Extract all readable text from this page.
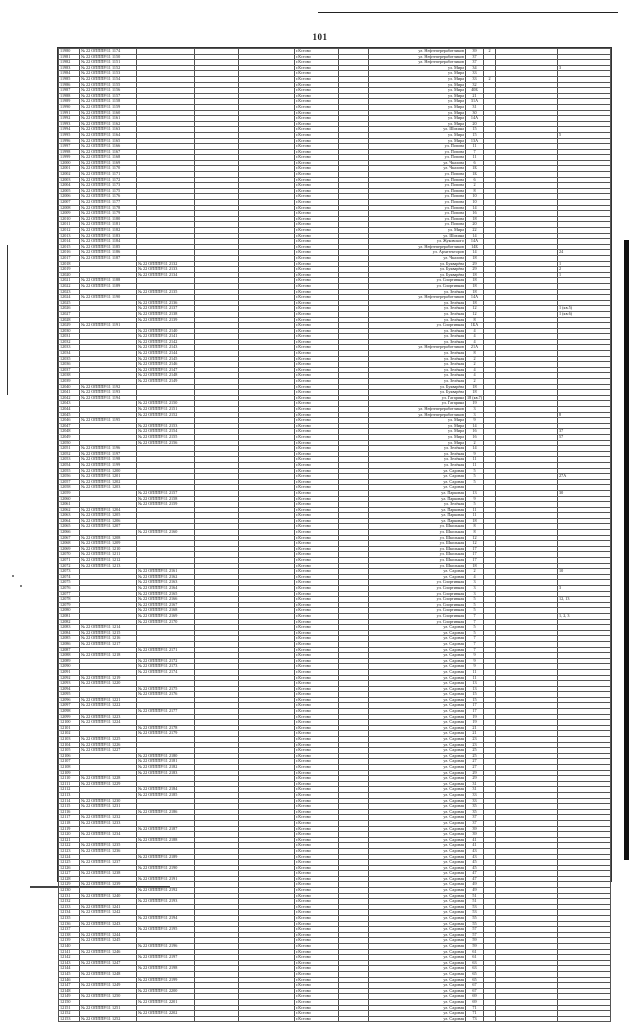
101
11980	№ 22 ОПППР/11 1174				г.Кстово		ул. Нефтепереработчиков	39	2		
11981	№ 22 ОПППР/11 1150				г.Кстово		ул. Нефтепереработчиков	37			
11982	№ 22 ОПППР/11 1151				г.Кстово		ул. Нефтепереработчиков	37			
11983	№ 22 ОПППР/11 1152				г.Кстово		ул. Мира	34			3
11984	№ 22 ОПППР/11 1153				г.Кстово		ул. Мира	33			
11985	№ 22 ОПППР/11 1154				г.Кстово		ул. Мира	33	2		
11986	№ 22 ОПППР/11 1155				г.Кстово		ул. Мира	32			
11987	№ 22 ОПППР/11 1156				г.Кстово		ул. Мира	40Б			
11988	№ 22 ОПППР/11 1157				г.Кстово		ул. Мира	21			
11989	№ 22 ОПППР/11 1158				г.Кстово		ул. Мира	31А			
11990	№ 22 ОПППР/11 1159				г.Кстово		ул. Мира	31			
11991	№ 22 ОПППР/11 1160				г.Кстово		ул. Мира	30			
11992	№ 22 ОПППР/11 1161				г.Кстово		ул. Мира	14А			
11993	№ 22 ОПППР/11 1162				г.Кстово		ул. Мира	20			
11994	№ 22 ОПППР/11 1163				г.Кстово		ул. Шохина	15			
11995	№ 22 ОПППР/11 1164				г.Кстово		ул. Мира	15			5
11996	№ 22 ОПППР/11 1165				г.Кстово		ул. Мира	13А			
11997	№ 22 ОПППР/11 1166				г.Кстово		ул. Попова	11			
11998	№ 22 ОПППР/11 1167				г.Кстово		ул. Попова	7			
11999	№ 22 ОПППР/11 1168				г.Кстово		ул. Попова	11			
12000	№ 22 ОПППР/11 1169				г.Кстово		ул. Чкалова	6			
12001	№ 22 ОПППР/11 1170				г.Кстово		ул. Чкалова	1Б			
12002	№ 22 ОПППР/11 1171				г.Кстово		ул. Попова	1Б			
12003	№ 22 ОПППР/11 1172				г.Кстово		ул. Попова	6			
12004	№ 22 ОПППР/11 1173				г.Кстово		ул. Попова	2			
12005	№ 22 ОПППР/11 1175				г.Кстово		ул. Попова	8			
12006	№ 22 ОПППР/11 1176				г.Кстово		ул. Попова	10			
12007	№ 22 ОПППР/11 1177				г.Кстово		ул. Попова	10			
12008	№ 22 ОПППР/11 1178				г.Кстово		ул. Попова	14			
12009	№ 22 ОПППР/11 1179				г.Кстово		ул. Попова	16			
12010	№ 22 ОПППР/11 1180				г.Кстово		ул. Попова	18			
12011	№ 22 ОПППР/11 1181				г.Кстово		ул. Попова	20			
12012	№ 22 ОПППР/11 1182				г.Кстово		ул. Мира	22			
12013	№ 22 ОПППР/11 1183				г.Кстово		ул. Шохина	14			
12014	№ 22 ОПППР/11 1184				г.Кстово		ул. Жуковского	14А			
12015	№ 22 ОПППР/11 1185				г.Кстово		ул. Нефтепереработчиков	14Б			
12016	№ 22 ОПППР/11 1186				г.Кстово		ул. Архитекторов	14			24
12017	№ 22 ОПППР/11 1187				г.Кстово		ул. Чкалова	18			
12018		№ 22 ОПППР/11 2132			г.Кстово		ул. Букварёва	29			1
12019		№ 22 ОПППР/11 2133			г.Кстово		ул. Букварёва	29			2
12020		№ 22 ОПППР/11 2134			г.Кстово		ул. Букварёва	18			1
12021	№ 22 ОПППР/11 1188				г.Кстово		ул. Спортивная	18			
12022	№ 22 ОПППР/11 1189				г.Кстово		ул. Спортивная	18			
12023		№ 22 ОПППР/11 2135			г.Кстово		ул. Зелёная	18			
12024	№ 22 ОПППР/11 1190				г.Кстово		ул. Нефтепереработчиков	14А			
12025		№ 22 ОПППР/11 2136			г.Кстово		ул. Зелёная	18			
12026		№ 22 ОПППР/11 2137			г.Кстово		ул. Зелёная	12			1 (кв.5)
12027		№ 22 ОПППР/11 2138			г.Кстово		ул. Зелёная	12			1 (кв.6)
12028		№ 22 ОПППР/11 2139			г.Кстово		ул. Зелёная	8			
12029	№ 22 ОПППР/11 1191				г.Кстово		ул. Спортивная	1БА			
12030		№ 22 ОПППР/11 2140			г.Кстово		ул. Зелёная	4			
12031		№ 22 ОПППР/11 2141			г.Кстово		ул. Зелёная	4			
12032		№ 22 ОПППР/11 2142			г.Кстово		ул. Зелёная	4			
12033		№ 22 ОПППР/11 2143			г.Кстово		ул. Нефтепереработчиков	21А			
12034		№ 22 ОПППР/11 2144			г.Кстово		ул. Зелёная	8			
12035		№ 22 ОПППР/11 2145			г.Кстово		ул. Зелёная	2			
12036		№ 22 ОПППР/11 2146			г.Кстово		ул. Зелёная	2			
12037		№ 22 ОПППР/11 2147			г.Кстово		ул. Зелёная	4			
12038		№ 22 ОПППР/11 2148			г.Кстово		ул. Зелёная	4			
12039		№ 22 ОПППР/11 2149			г.Кстово		ул. Зелёная	2			
12040	№ 22 ОПППР/11 1192				г.Кстово		ул. Букварёва	18			
12041	№ 22 ОПППР/11 1193				г.Кстово		ул. Букварёва	18			
12042	№ 22 ОПППР/11 1194				г.Кстово		ул. Гагарина	18 (кв.7)			
12043		№ 22 ОПППР/11 2150			г.Кстово		ул. Гагарина	19			
12044		№ 22 ОПППР/11 2151			г.Кстово		ул. Нефтепереработчиков	3			
12045		№ 22 ОПППР/11 2152			г.Кстово		ул. Нефтепереработчиков	3			8
12046	№ 22 ОПППР/11 1195				г.Кстово		ул. Мира	9			
12047		№ 22 ОПППР/11 2153			г.Кстово		ул. Мира	14			
12048		№ 22 ОПППР/11 2154			г.Кстово		ул. Мира	16			37
12049		№ 22 ОПППР/11 2155			г.Кстово		ул. Мира	16			57
12050		№ 22 ОПППР/11 2156			г.Кстово		ул. Мира	2			
12051	№ 22 ОПППР/11 1196				г.Кстово		ул. Зелёная	14			
12052	№ 22 ОПППР/11 1197				г.Кстово		ул. Зелёная	9			
12053	№ 22 ОПППР/11 1198				г.Кстово		ул. Зелёная	11			
12054	№ 22 ОПППР/11 1199				г.Кстово		ул. Зелёная	11			
12055	№ 22 ОПППР/11 1200				г.Кстово		ул. Садовая	5			
12056	№ 22 ОПППР/11 1201				г.Кстово		ул. Садовая	5			27А
12057	№ 22 ОПППР/11 1202				г.Кстово		ул. Садовая	5			
12058	№ 22 ОПППР/11 1203				г.Кстово		ул. Садовая				
12059		№ 22 ОПППР/11 2157			г.Кстово		ул. Парковая	13			30
12060		№ 22 ОПППР/11 2158			г.Кстово		ул. Парковая	9			
12061		№ 22 ОПППР/11 2159			г.Кстово		ул. Зелёная	5			
12062	№ 22 ОПППР/11 1204				г.Кстово		ул. Парковая	11			
12063	№ 22 ОПППР/11 1205				г.Кстово		ул. Парковая	11			
12064	№ 22 ОПППР/11 1206				г.Кстово		ул. Парковая	18			
12065	№ 22 ОПППР/11 1207				г.Кстово		ул. Школьная	8			
12066		№ 22 ОПППР/11 2160			г.Кстово		ул. Школьная	8			
12067	№ 22 ОПППР/11 1208				г.Кстово		ул. Школьная	12			
12068	№ 22 ОПППР/11 1209				г.Кстово		ул. Школьная	12			
12069	№ 22 ОПППР/11 1210				г.Кстово		ул. Школьная	17			
12070	№ 22 ОПППР/11 1211				г.Кстово		ул. Школьная	17			
12071	№ 22 ОПППР/11 1212				г.Кстово		ул. Школьная	17			
12072	№ 22 ОПППР/11 1213				г.Кстово		ул. Школьная	18			
12073		№ 22 ОПППР/11 2161			г.Кстово		ул. Садовая	2			10
12074		№ 22 ОПППР/11 2162			г.Кстово		ул. Садовая	4			
12075		№ 22 ОПППР/11 2163			г.Кстово		ул. Спортивная	3			
12076		№ 22 ОПППР/11 2164			г.Кстово		ул. Спортивная	3			3
12077		№ 22 ОПППР/11 2165			г.Кстово		ул. Спортивная	3			
12078		№ 22 ОПППР/11 2166			г.Кстово		ул. Спортивная	5			12, 13
12079		№ 22 ОПППР/11 2167			г.Кстово		ул. Спортивная	5			
12080		№ 22 ОПППР/11 2168			г.Кстово		ул. Спортивная	5			
12081		№ 22 ОПППР/11 2169			г.Кстово		ул. Спортивная	7			1, 2, 3
12082		№ 22 ОПППР/11 2170			г.Кстово		ул. Спортивная	7			
12083	№ 22 ОПППР/11 1214				г.Кстово		ул. Садовая	5			
12084	№ 22 ОПППР/11 1215				г.Кстово		ул. Садовая	5			
12085	№ 22 ОПППР/11 1216				г.Кстово		ул. Садовая	7			
12086	№ 22 ОПППР/11 1217				г.Кстово		ул. Садовая	7			
12087		№ 22 ОПППР/11 2171			г.Кстово		ул. Садовая	7			
12088	№ 22 ОПППР/11 1218				г.Кстово		ул. Садовая	9			
12089		№ 22 ОПППР/11 2172			г.Кстово		ул. Садовая	9			
12090		№ 22 ОПППР/11 2173			г.Кстово		ул. Садовая	9			
12091		№ 22 ОПППР/11 2174			г.Кстово		ул. Садовая	11			
12092	№ 22 ОПППР/11 1219				г.Кстово		ул. Садовая	11			
12093	№ 22 ОПППР/11 1220				г.Кстово		ул. Садовая	13			
12094		№ 22 ОПППР/11 2175			г.Кстово		ул. Садовая	13			
12095		№ 22 ОПППР/11 2176			г.Кстово		ул. Садовая	15			
12096	№ 22 ОПППР/11 1221				г.Кстово		ул. Садовая	15			
12097	№ 22 ОПППР/11 1222				г.Кстово		ул. Садовая	17			
12098		№ 22 ОПППР/11 2177			г.Кстово		ул. Садовая	17			
12099	№ 22 ОПППР/11 1223				г.Кстово		ул. Садовая	19			
12100	№ 22 ОПППР/11 1224				г.Кстово		ул. Садовая	19			
12101		№ 22 ОПППР/11 2178			г.Кстово		ул. Садовая	21			
12102		№ 22 ОПППР/11 2179			г.Кстово		ул. Садовая	21			
12103	№ 22 ОПППР/11 1225				г.Кстово		ул. Садовая	23			
12104	№ 22 ОПППР/11 1226				г.Кстово		ул. Садовая	23			
12105	№ 22 ОПППР/11 1227				г.Кстово		ул. Садовая	25			
12106		№ 22 ОПППР/11 2180			г.Кстово		ул. Садовая	25			
12107		№ 22 ОПППР/11 2181			г.Кстово		ул. Садовая	27			
12108		№ 22 ОПППР/11 2182			г.Кстово		ул. Садовая	27			
12109		№ 22 ОПППР/11 2183			г.Кстово		ул. Садовая	29			
12110	№ 22 ОПППР/11 1228				г.Кстово		ул. Садовая	29			
12111	№ 22 ОПППР/11 1229				г.Кстово		ул. Садовая	31			
12112		№ 22 ОПППР/11 2184			г.Кстово		ул. Садовая	31			
12113		№ 22 ОПППР/11 2185			г.Кстово		ул. Садовая	33			
12114	№ 22 ОПППР/11 1230				г.Кстово		ул. Садовая	33			
12115	№ 22 ОПППР/11 1231				г.Кстово		ул. Садовая	35			
12116		№ 22 ОПППР/11 2186			г.Кстово		ул. Садовая	35			
12117	№ 22 ОПППР/11 1232				г.Кстово		ул. Садовая	37			
12118	№ 22 ОПППР/11 1233				г.Кстово		ул. Садовая	37			
12119		№ 22 ОПППР/11 2187			г.Кстово		ул. Садовая	39			
12120	№ 22 ОПППР/11 1234				г.Кстово		ул. Садовая	39			
12121		№ 22 ОПППР/11 2188			г.Кстово		ул. Садовая	41			
12122	№ 22 ОПППР/11 1235				г.Кстово		ул. Садовая	41			
12123	№ 22 ОПППР/11 1236				г.Кстово		ул. Садовая	43			
12124		№ 22 ОПППР/11 2189			г.Кстово		ул. Садовая	43			
12125	№ 22 ОПППР/11 1237				г.Кстово		ул. Садовая	45			
12126		№ 22 ОПППР/11 2190			г.Кстово		ул. Садовая	45			
12127	№ 22 ОПППР/11 1238				г.Кстово		ул. Садовая	47			
12128		№ 22 ОПППР/11 2191			г.Кстово		ул. Садовая	47			
12129	№ 22 ОПППР/11 1239				г.Кстово		ул. Садовая	49			
12130		№ 22 ОПППР/11 2192			г.Кстово		ул. Садовая	49			
12131	№ 22 ОПППР/11 1240				г.Кстово		ул. Садовая	51			
12132		№ 22 ОПППР/11 2193			г.Кстово		ул. Садовая	51			
12133	№ 22 ОПППР/11 1241				г.Кстово		ул. Садовая	53			
12134	№ 22 ОПППР/11 1242				г.Кстово		ул. Садовая	53			
12135		№ 22 ОПППР/11 2194			г.Кстово		ул. Садовая	55			
12136	№ 22 ОПППР/11 1243				г.Кстово		ул. Садовая	55			
12137		№ 22 ОПППР/11 2195			г.Кстово		ул. Садовая	57			
12138	№ 22 ОПППР/11 1244				г.Кстово		ул. Садовая	57			
12139	№ 22 ОПППР/11 1245				г.Кстово		ул. Садовая	59			
12140		№ 22 ОПППР/11 2196			г.Кстово		ул. Садовая	59			
12141	№ 22 ОПППР/11 1246				г.Кстово		ул. Садовая	61			
12142		№ 22 ОПППР/11 2197			г.Кстово		ул. Садовая	61			
12143	№ 22 ОПППР/11 1247				г.Кстово		ул. Садовая	63			
12144		№ 22 ОПППР/11 2198			г.Кстово		ул. Садовая	63			
12145	№ 22 ОПППР/11 1248				г.Кстово		ул. Садовая	65			
12146		№ 22 ОПППР/11 2199			г.Кстово		ул. Садовая	65			
12147	№ 22 ОПППР/11 1249				г.Кстово		ул. Садовая	67			
12148		№ 22 ОПППР/11 2200			г.Кстово		ул. Садовая	67			
12149	№ 22 ОПППР/11 1250				г.Кстово		ул. Садовая	69			
12150		№ 22 ОПППР/11 2201			г.Кстово		ул. Садовая	69			
12151	№ 22 ОПППР/11 1251				г.Кстово		ул. Садовая	71			
12152		№ 22 ОПППР/11 2202			г.Кстово		ул. Садовая	71			
12153	№ 22 ОПППР/11 1252				г.Кстово		ул. Садовая	73			
